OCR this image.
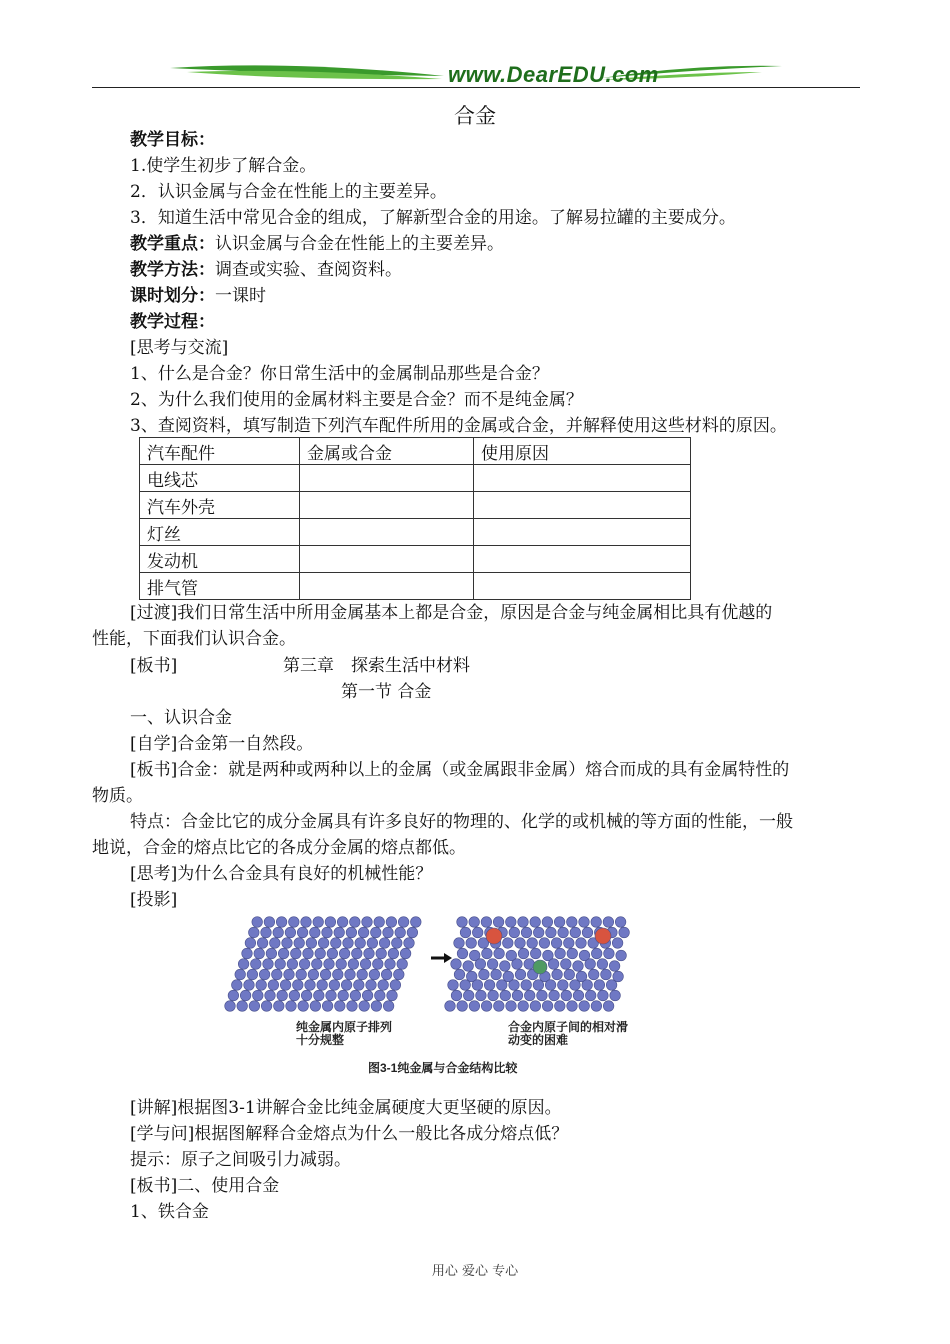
www.DearEDU.com
合金
教学目标：
1.使学生初步了解合金。
2．认识金属与合金在性能上的主要差异。
3．知道生活中常见合金的组成，了解新型合金的用途。了解易拉罐的主要成分。
教学重点：认识金属与合金在性能上的主要差异。
教学方法：调查或实验、查阅资料。
课时划分：一课时
教学过程：
[思考与交流]
1、什么是合金？你日常生活中的金属制品那些是合金？
2、为什么我们使用的金属材料主要是合金？而不是纯金属？
3、查阅资料，填写制造下列汽车配件所用的金属或合金，并解释使用这些材料的原因。
汽车配件	金属或合金	使用原因
电线芯		
汽车外壳		
灯丝		
发动机		
排气管		
[过渡]我们日常生活中所用金属基本上都是合金，原因是合金与纯金属相比具有优越的
性能，下面我们认识合金。
[板书]	第三章　探索生活中材料
第一节 合金
一、认识合金
[自学]合金第一自然段。
[板书]合金：就是两种或两种以上的金属（或金属跟非金属）熔合而成的具有金属特性的
物质。
特点：合金比它的成分金属具有许多良好的物理的、化学的或机械的等方面的性能，一般
地说，合金的熔点比它的各成分金属的熔点都低。
[思考]为什么合金具有良好的机械性能？
[投影]
纯金属内原子排列
十分规整
合金内原子间的相对滑
动变的困难
图3-1纯金属与合金结构比较
[讲解]根据图3-1讲解合金比纯金属硬度大更坚硬的原因。
[学与问]根据图解释合金熔点为什么一般比各成分熔点低？
提示：原子之间吸引力减弱。
[板书]二、使用合金
1、铁合金
用心 爱心 专心
